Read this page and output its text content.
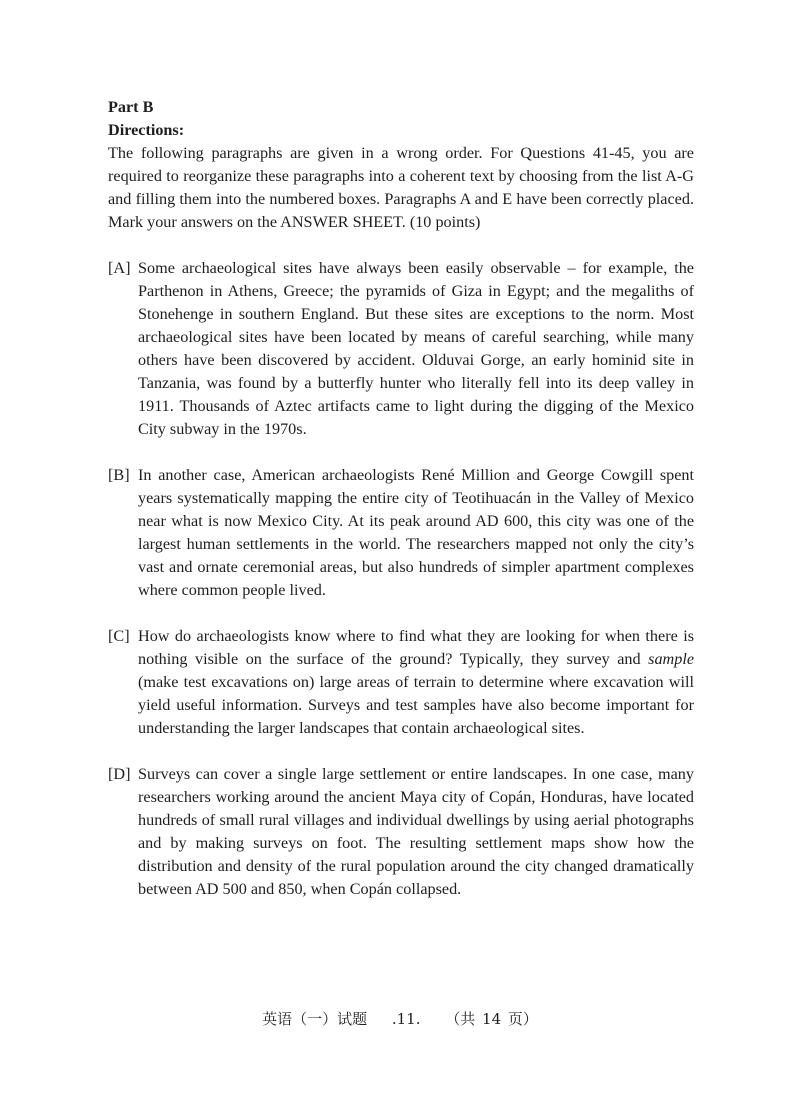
Part B

Directions:

The following paragraphs are given in a wrong order. For Questions 41-45, you are required to reorganize these paragraphs into a coherent text by choosing from the list A-G and filling them into the numbered boxes. Paragraphs A and E have been correctly placed. Mark your answers on the ANSWER SHEET. (10 points)

[A] Some archaeological sites have always been easily observable – for example, the Parthenon in Athens, Greece; the pyramids of Giza in Egypt; and the megaliths of Stonehenge in southern England. But these sites are exceptions to the norm. Most archaeological sites have been located by means of careful searching, while many others have been discovered by accident. Olduvai Gorge, an early hominid site in Tanzania, was found by a butterfly hunter who literally fell into its deep valley in 1911. Thousands of Aztec artifacts came to light during the digging of the Mexico City subway in the 1970s.
[B] In another case, American archaeologists René Million and George Cowgill spent years systematically mapping the entire city of Teotihuacán in the Valley of Mexico near what is now Mexico City. At its peak around AD 600, this city was one of the largest human settlements in the world. The researchers mapped not only the city’s vast and ornate ceremonial areas, but also hundreds of simpler apartment complexes where common people lived.
[C] How do archaeologists know where to find what they are looking for when there is nothing visible on the surface of the ground? Typically, they survey and sample (make test excavations on) large areas of terrain to determine where excavation will yield useful information. Surveys and test samples have also become important for understanding the larger landscapes that contain archaeological sites.
[D] Surveys can cover a single large settlement or entire landscapes. In one case, many researchers working around the ancient Maya city of Copán, Honduras, have located hundreds of small rural villages and individual dwellings by using aerial photographs and by making surveys on foot. The resulting settlement maps show how the distribution and density of the rural population around the city changed dramatically between AD 500 and 850, when Copán collapsed.
英语（一）试题 .11. （共 14 页）
